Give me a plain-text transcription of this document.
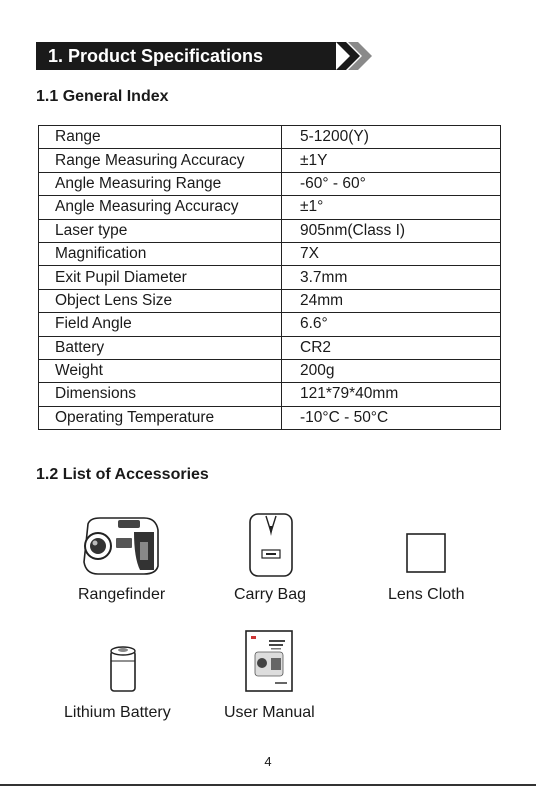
1. Product Specifications
1.1 General Index
Range	5-1200(Y)
Range Measuring Accuracy	±1Y
Angle Measuring Range	-60° - 60°
Angle Measuring Accuracy	±1°
Laser type	905nm(Class I)
Magnification	7X
Exit Pupil Diameter	3.7mm
Object Lens Size	24mm
Field Angle	6.6°
Battery	CR2
Weight	200g
Dimensions	121*79*40mm
Operating Temperature	-10°C - 50°C
1.2 List of Accessories
Rangefinder	Carry Bag	Lens Cloth
Lithium Battery	User Manual
4
